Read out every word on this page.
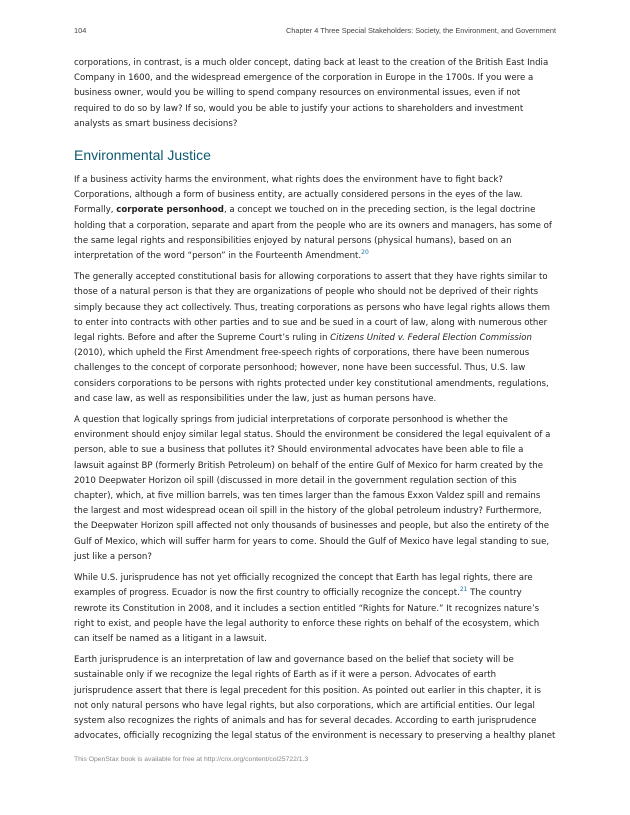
104	Chapter 4 Three Special Stakeholders: Society, the Environment, and Government

corporations, in contrast, is a much older concept, dating back at least to the creation of the British East India Company in 1600, and the widespread emergence of the corporation in Europe in the 1700s. If you were a business owner, would you be willing to spend company resources on environmental issues, even if not required to do so by law? If so, would you be able to justify your actions to shareholders and investment analysts as smart business decisions?

Environmental Justice

If a business activity harms the environment, what rights does the environment have to fight back? Corporations, although a form of business entity, are actually considered persons in the eyes of the law. Formally, corporate personhood, a concept we touched on in the preceding section, is the legal doctrine holding that a corporation, separate and apart from the people who are its owners and managers, has some of the same legal rights and responsibilities enjoyed by natural persons (physical humans), based on an interpretation of the word “person” in the Fourteenth Amendment.$^{20}$

The generally accepted constitutional basis for allowing corporations to assert that they have rights similar to those of a natural person is that they are organizations of people who should not be deprived of their rights simply because they act collectively. Thus, treating corporations as persons who have legal rights allows them to enter into contracts with other parties and to sue and be sued in a court of law, along with numerous other legal rights. Before and after the Supreme Court’s ruling in Citizens United v. Federal Election Commission (2010), which upheld the First Amendment free-speech rights of corporations, there have been numerous challenges to the concept of corporate personhood; however, none have been successful. Thus, U.S. law considers corporations to be persons with rights protected under key constitutional amendments, regulations, and case law, as well as responsibilities under the law, just as human persons have.

A question that logically springs from judicial interpretations of corporate personhood is whether the environment should enjoy similar legal status. Should the environment be considered the legal equivalent of a person, able to sue a business that pollutes it? Should environmental advocates have been able to file a lawsuit against BP (formerly British Petroleum) on behalf of the entire Gulf of Mexico for harm created by the 2010 Deepwater Horizon oil spill (discussed in more detail in the government regulation section of this chapter), which, at five million barrels, was ten times larger than the famous Exxon Valdez spill and remains the largest and most widespread ocean oil spill in the history of the global petroleum industry? Furthermore, the Deepwater Horizon spill affected not only thousands of businesses and people, but also the entirety of the Gulf of Mexico, which will suffer harm for years to come. Should the Gulf of Mexico have legal standing to sue, just like a person?

While U.S. jurisprudence has not yet officially recognized the concept that Earth has legal rights, there are examples of progress. Ecuador is now the first country to officially recognize the concept.$^{21}$ The country rewrote its Constitution in 2008, and it includes a section entitled “Rights for Nature.” It recognizes nature’s right to exist, and people have the legal authority to enforce these rights on behalf of the ecosystem, which can itself be named as a litigant in a lawsuit.

Earth jurisprudence is an interpretation of law and governance based on the belief that society will be sustainable only if we recognize the legal rights of Earth as if it were a person. Advocates of earth jurisprudence assert that there is legal precedent for this position. As pointed out earlier in this chapter, it is not only natural persons who have legal rights, but also corporations, which are artificial entities. Our legal system also recognizes the rights of animals and has for several decades. According to earth jurisprudence advocates, officially recognizing the legal status of the environment is necessary to preserving a healthy planet

This OpenStax book is available for free at http://cnx.org/content/col25722/1.3
